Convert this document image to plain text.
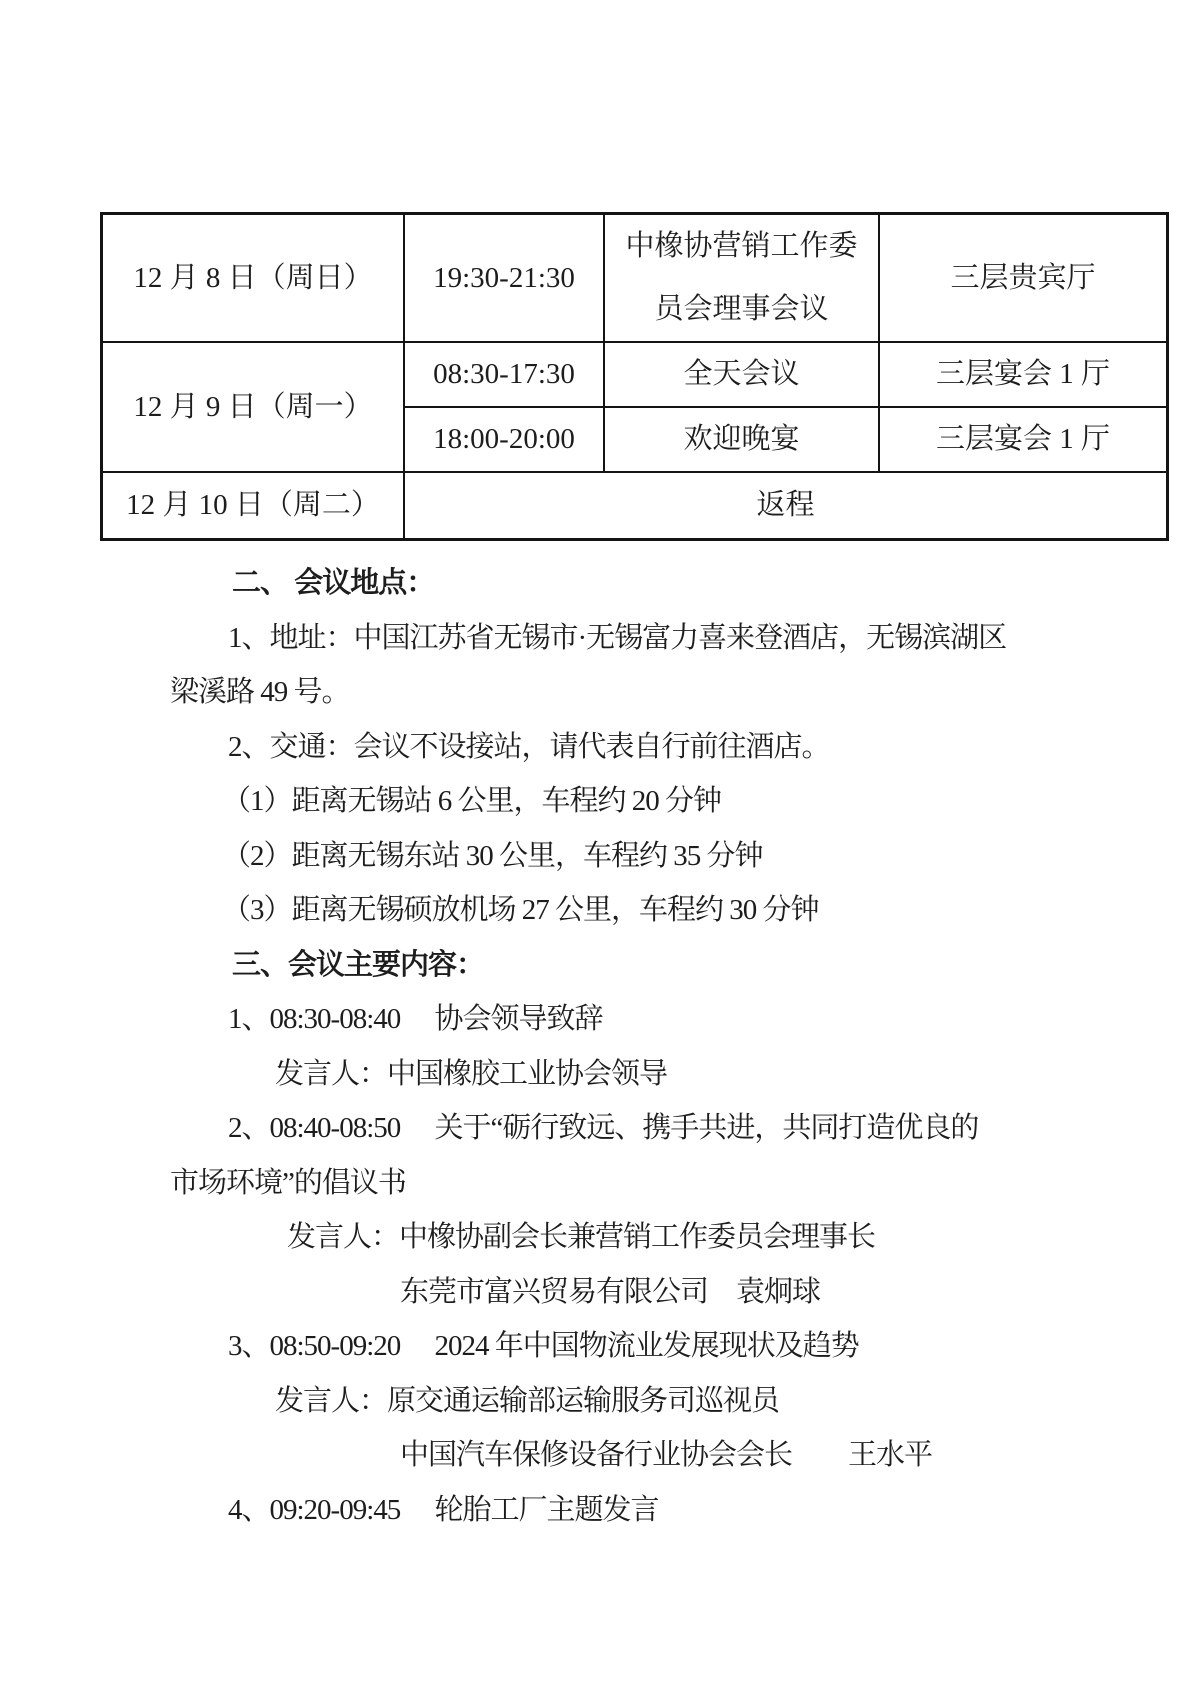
12 月 8 日（周日）	19:30-21:30	中橡协营销工作委员会理事会议	三层贵宾厅
12 月 9 日（周一）	08:30-17:30	全天会议	三层宴会 1 厅
	18:00-20:00	欢迎晚宴	三层宴会 1 厅
12 月 10 日（周二）	返程		
二、 会议地点：
1、地址：中国江苏省无锡市·无锡富力喜来登酒店，无锡滨湖区
梁溪路 49 号。
2、交通：会议不设接站，请代表自行前往酒店。
（1）距离无锡站 6 公里，车程约 20 分钟
（2）距离无锡东站 30 公里，车程约 35 分钟
（3）距离无锡硕放机场 27 公里，车程约 30 分钟
三、会议主要内容：
1、08:30-08:40　 协会领导致辞
发言人：中国橡胶工业协会领导
2、08:40-08:50　 关于“砺行致远、携手共进，共同打造优良的
市场环境”的倡议书
发言人：中橡协副会长兼营销工作委员会理事长
东莞市富兴贸易有限公司　袁炯球
3、08:50-09:20　 2024 年中国物流业发展现状及趋势
发言人：原交通运输部运输服务司巡视员
中国汽车保修设备行业协会会长　　王水平
4、09:20-09:45　 轮胎工厂主题发言
